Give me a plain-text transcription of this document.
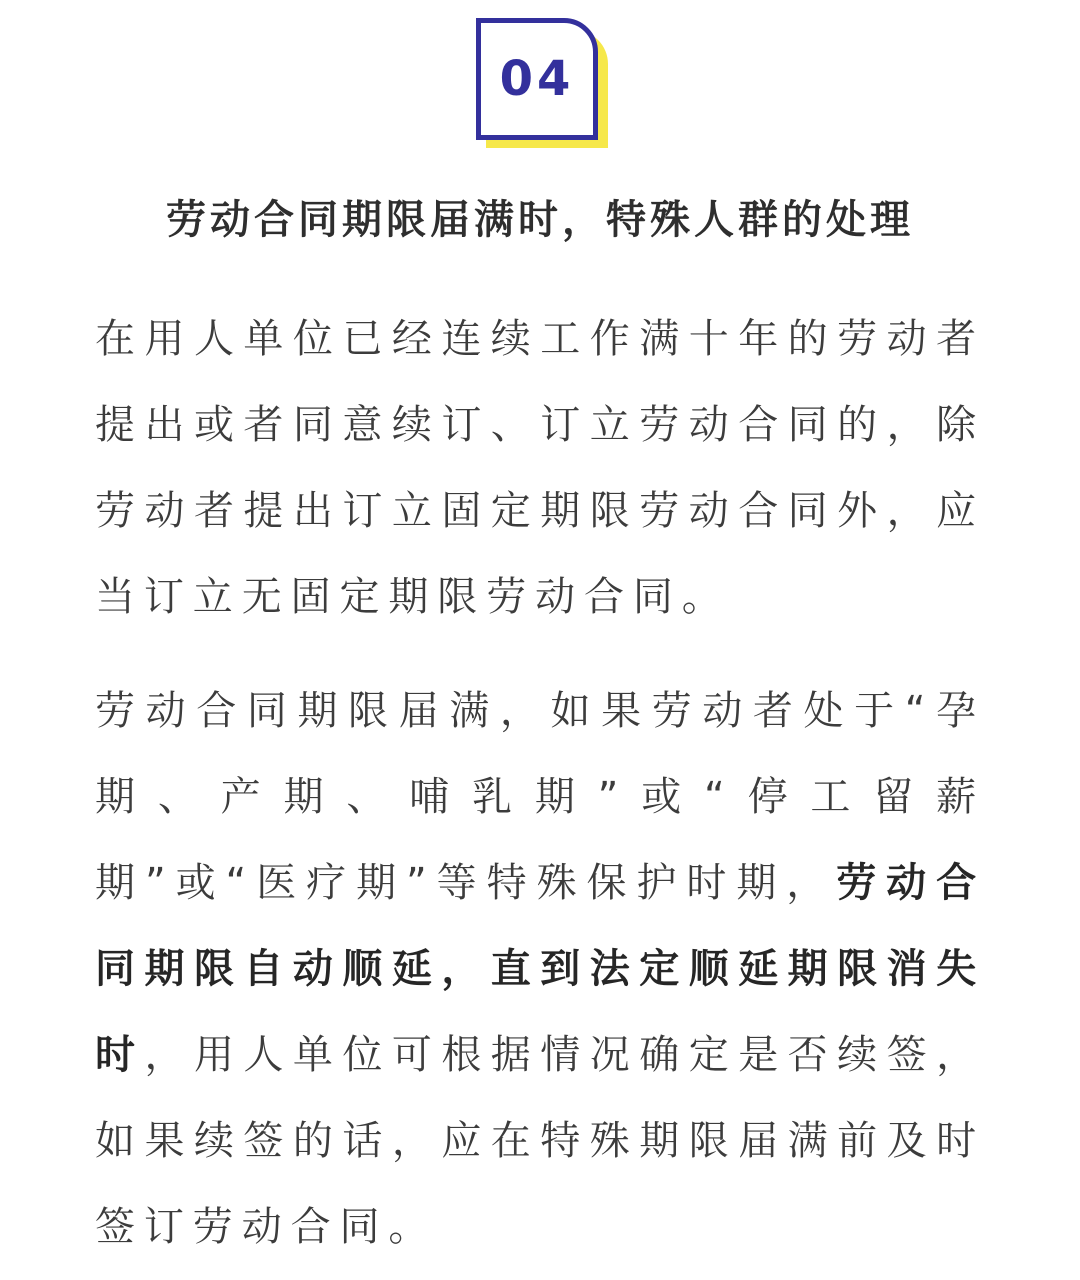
04
劳动合同期限届满时，特殊人群的处理

在用人单位已经连续工作满十年的劳动者提出或者同意续订、订立劳动合同的，除劳动者提出订立固定期限劳动合同外，应当订立无固定期限劳动合同。

劳动合同期限届满，如果劳动者处于“孕期、产期、哺乳期”或“停工留薪期”或“医疗期”等特殊保护时期，劳动合同期限自动顺延，直到法定顺延期限消失时，用人单位可根据情况确定是否续签，如果续签的话，应在特殊期限届满前及时签订劳动合同。
